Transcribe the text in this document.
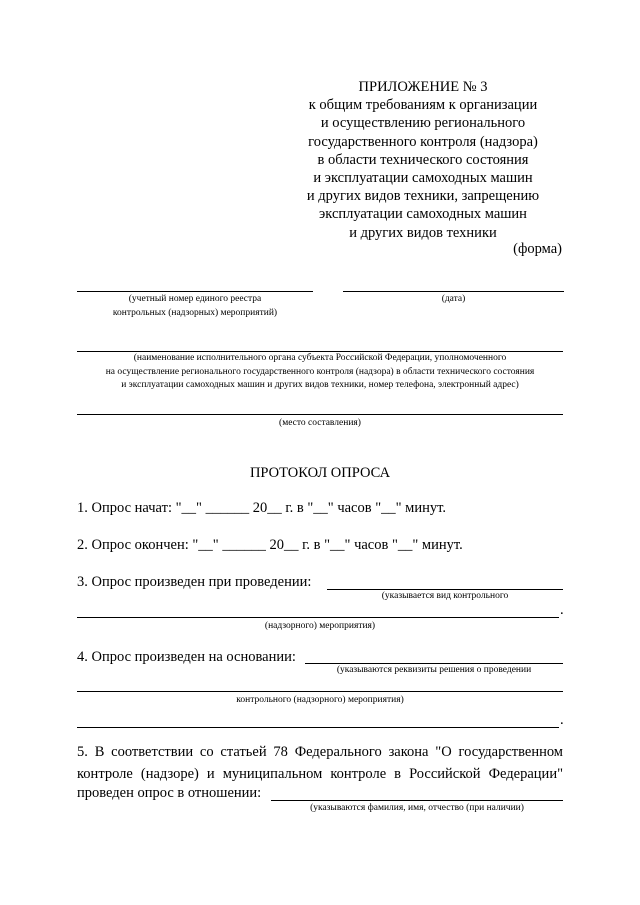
ПРИЛОЖЕНИЕ № 3
к общим требованиям к организации
и осуществлению регионального
государственного контроля (надзора)
в области технического состояния
и эксплуатации самоходных машин
и других видов техники, запрещению
эксплуатации самоходных машин
и других видов техники
(форма)
(учетный номер единого реестра
контрольных (надзорных) мероприятий)
(дата)
(наименование исполнительного органа субъекта Российской Федерации, уполномоченного
на осуществление регионального государственного контроля (надзора) в области технического состояния
и эксплуатации самоходных машин и других видов техники, номер телефона, электронный адрес)
(место составления)
ПРОТОКОЛ ОПРОСА
1. Опрос начат: "__" ______ 20__ г. в "__" часов "__" минут.
2. Опрос окончен: "__" ______ 20__ г. в "__" часов "__" минут.
3. Опрос произведен при проведении:
(указывается вид контрольного
.
(надзорного) мероприятия)
4. Опрос произведен на основании:
(указываются реквизиты решения о проведении
контрольного (надзорного) мероприятия)
.
5. В соответствии со статьей 78 Федерального закона "О государственном
контроле (надзоре) и муниципальном контроле в Российской Федерации"
проведен опрос в отношении:
(указываются фамилия, имя, отчество (при наличии)
